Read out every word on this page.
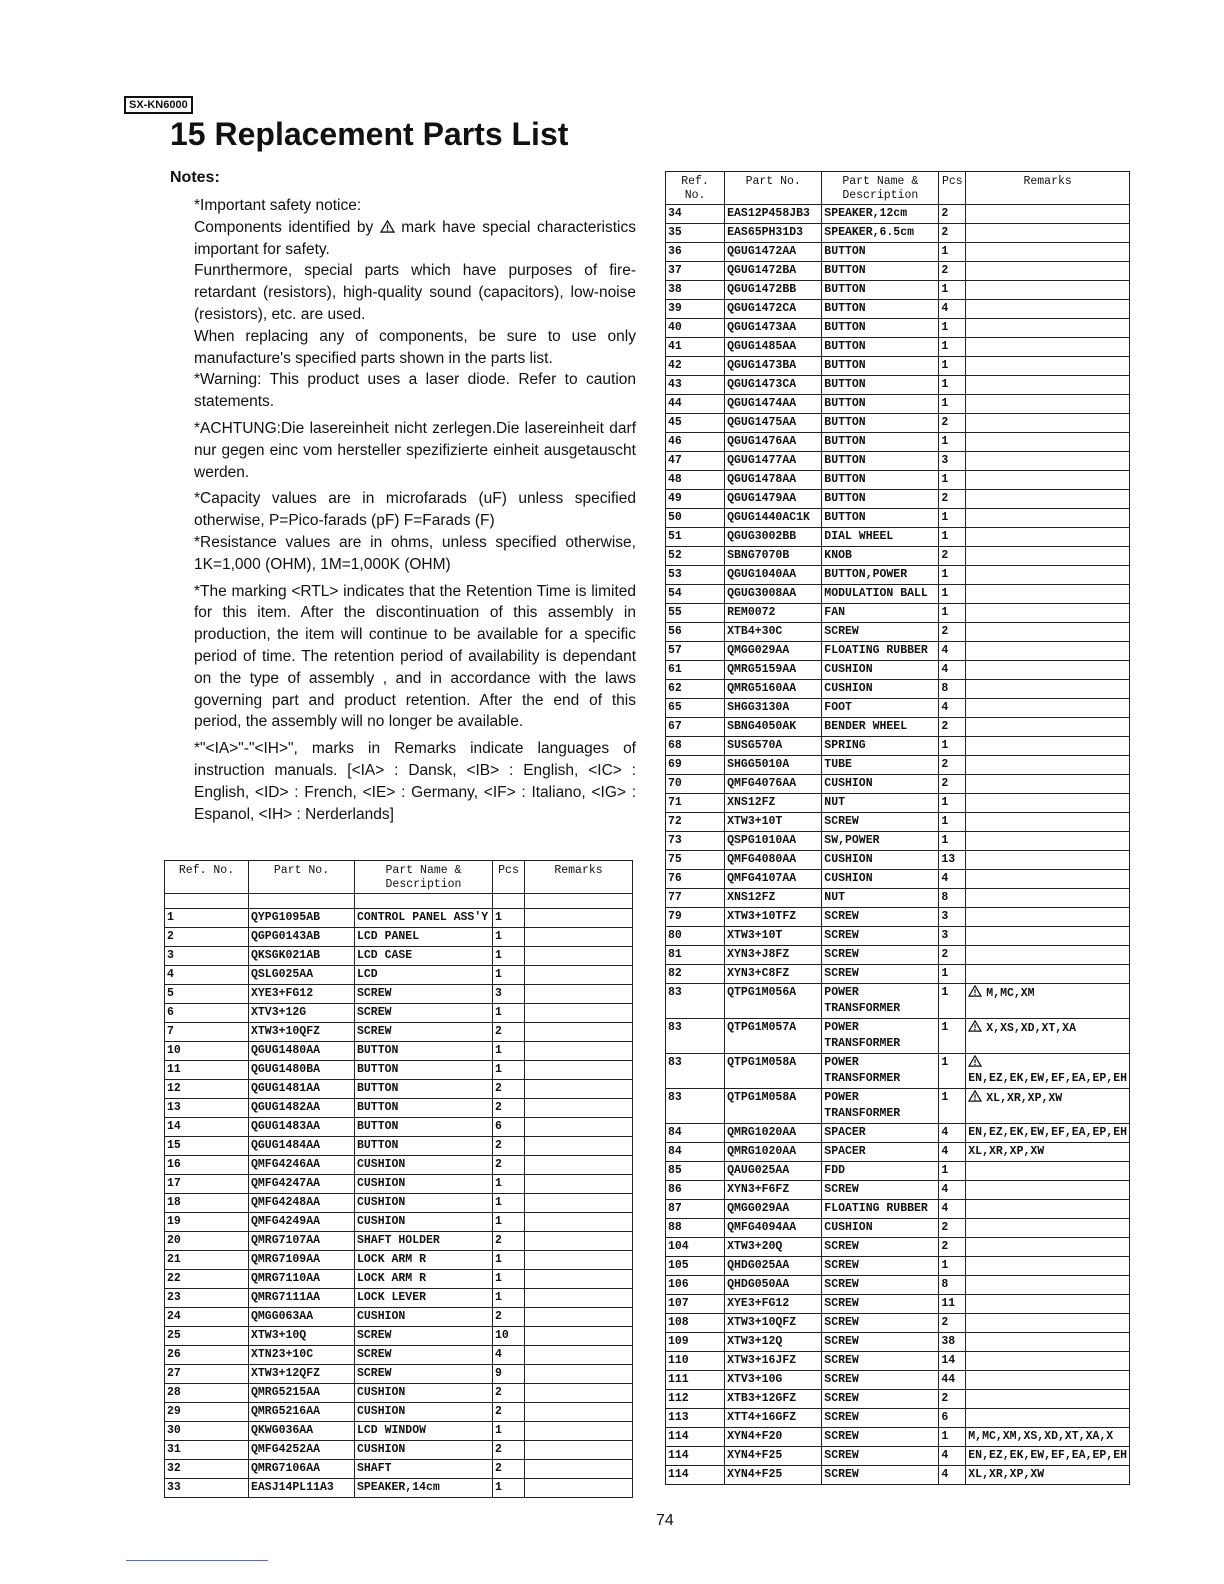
SX-KN6000
15 Replacement Parts List
Notes:

*Important safety notice:

Components identified by mark have special characteristics important for safety.

Funrthermore, special parts which have purposes of fire-retardant (resistors), high-quality sound (capacitors), low-noise (resistors), etc. are used.

When replacing any of components, be sure to use only manufacture's specified parts shown in the parts list.

*Warning: This product uses a laser diode. Refer to caution statements.

*ACHTUNG:Die lasereinheit nicht zerlegen.Die lasereinheit darf nur gegen einc vom hersteller spezifizierte einheit ausgetauscht werden.

*Capacity values are in microfarads (uF) unless specified otherwise, P=Pico-farads (pF) F=Farads (F)

*Resistance values are in ohms, unless specified otherwise, 1K=1,000 (OHM), 1M=1,000K (OHM)

*The marking <RTL> indicates that the Retention Time is limited for this item. After the discontinuation of this assembly in production, the item will continue to be available for a specific period of time. The retention period of availability is dependant on the type of assembly , and in accordance with the laws governing part and product retention. After the end of this period, the assembly will no longer be available.

*"<IA>"-"<IH>", marks in Remarks indicate languages of instruction manuals. [<IA> : Dansk, <IB> : English, <IC> : English, <ID> : French, <IE> : Germany, <IF> : Italiano, <IG> : Espanol, <IH> : Nerderlands]

Ref. No.	Part No.	Part Name & Description	Pcs	Remarks

1	QYPG1095AB	CONTROL PANEL ASS'Y	1	
2	QGPG0143AB	LCD PANEL	1	
3	QKSGK021AB	LCD CASE	1	
4	QSLG025AA	LCD	1	
5	XYE3+FG12	SCREW	3	
6	XTV3+12G	SCREW	1	
7	XTW3+10QFZ	SCREW	2	
10	QGUG1480AA	BUTTON	1	
11	QGUG1480BA	BUTTON	1	
12	QGUG1481AA	BUTTON	2	
13	QGUG1482AA	BUTTON	2	
14	QGUG1483AA	BUTTON	6	
15	QGUG1484AA	BUTTON	2	
16	QMFG4246AA	CUSHION	2	
17	QMFG4247AA	CUSHION	1	
18	QMFG4248AA	CUSHION	1	
19	QMFG4249AA	CUSHION	1	
20	QMRG7107AA	SHAFT HOLDER	2	
21	QMRG7109AA	LOCK ARM R	1	
22	QMRG7110AA	LOCK ARM R	1	
23	QMRG7111AA	LOCK LEVER	1	
24	QMGG063AA	CUSHION	2	
25	XTW3+10Q	SCREW	10	
26	XTN23+10C	SCREW	4	
27	XTW3+12QFZ	SCREW	9	
28	QMRG5215AA	CUSHION	2	
29	QMRG5216AA	CUSHION	2	
30	QKWG036AA	LCD WINDOW	1	
31	QMFG4252AA	CUSHION	2	
32	QMRG7106AA	SHAFT	2	
33	EASJ14PL11A3	SPEAKER,14cm	1	
Ref. No.	Part No.	Part Name & Description	Pcs	Remarks
34	EAS12P458JB3	SPEAKER,12cm	2	
35	EAS65PH31D3	SPEAKER,6.5cm	2	
36	QGUG1472AA	BUTTON	1	
37	QGUG1472BA	BUTTON	2	
38	QGUG1472BB	BUTTON	1	
39	QGUG1472CA	BUTTON	4	
40	QGUG1473AA	BUTTON	1	
41	QGUG1485AA	BUTTON	1	
42	QGUG1473BA	BUTTON	1	
43	QGUG1473CA	BUTTON	1	
44	QGUG1474AA	BUTTON	1	
45	QGUG1475AA	BUTTON	2	
46	QGUG1476AA	BUTTON	1	
47	QGUG1477AA	BUTTON	3	
48	QGUG1478AA	BUTTON	1	
49	QGUG1479AA	BUTTON	2	
50	QGUG1440AC1K	BUTTON	1	
51	QGUG3002BB	DIAL WHEEL	1	
52	SBNG7070B	KNOB	2	
53	QGUG1040AA	BUTTON,POWER	1	
54	QGUG3008AA	MODULATION BALL	1	
55	REM0072	FAN	1	
56	XTB4+30C	SCREW	2	
57	QMGG029AA	FLOATING RUBBER	4	
61	QMRG5159AA	CUSHION	4	
62	QMRG5160AA	CUSHION	8	
65	SHGG3130A	FOOT	4	
67	SBNG4050AK	BENDER WHEEL	2	
68	SUSG570A	SPRING	1	
69	SHGG5010A	TUBE	2	
70	QMFG4076AA	CUSHION	2	
71	XNS12FZ	NUT	1	
72	XTW3+10T	SCREW	1	
73	QSPG1010AA	SW,POWER	1	
75	QMFG4080AA	CUSHION	13	
76	QMFG4107AA	CUSHION	4	
77	XNS12FZ	NUT	8	
79	XTW3+10TFZ	SCREW	3	
80	XTW3+10T	SCREW	3	
81	XYN3+J8FZ	SCREW	2	
82	XYN3+C8FZ	SCREW	1	
83	QTPG1M056A	POWER TRANSFORMER	1	M,MC,XM
83	QTPG1M057A	POWER TRANSFORMER	1	X,XS,XD,XT,XA
83	QTPG1M058A	POWER TRANSFORMER	1	EN,EZ,EK,EW,EF,EA,EP,EH
83	QTPG1M058A	POWER TRANSFORMER	1	XL,XR,XP,XW
84	QMRG1020AA	SPACER	4	EN,EZ,EK,EW,EF,EA,EP,EH
84	QMRG1020AA	SPACER	4	XL,XR,XP,XW
85	QAUG025AA	FDD	1	
86	XYN3+F6FZ	SCREW	4	
87	QMGG029AA	FLOATING RUBBER	4	
88	QMFG4094AA	CUSHION	2	
104	XTW3+20Q	SCREW	2	
105	QHDG025AA	SCREW	1	
106	QHDG050AA	SCREW	8	
107	XYE3+FG12	SCREW	11	
108	XTW3+10QFZ	SCREW	2	
109	XTW3+12Q	SCREW	38	
110	XTW3+16JFZ	SCREW	14	
111	XTV3+10G	SCREW	44	
112	XTB3+12GFZ	SCREW	2	
113	XTT4+16GFZ	SCREW	6	
114	XYN4+F20	SCREW	1	M,MC,XM,XS,XD,XT,XA,X
114	XYN4+F25	SCREW	4	EN,EZ,EK,EW,EF,EA,EP,EH
114	XYN4+F25	SCREW	4	XL,XR,XP,XW
74
